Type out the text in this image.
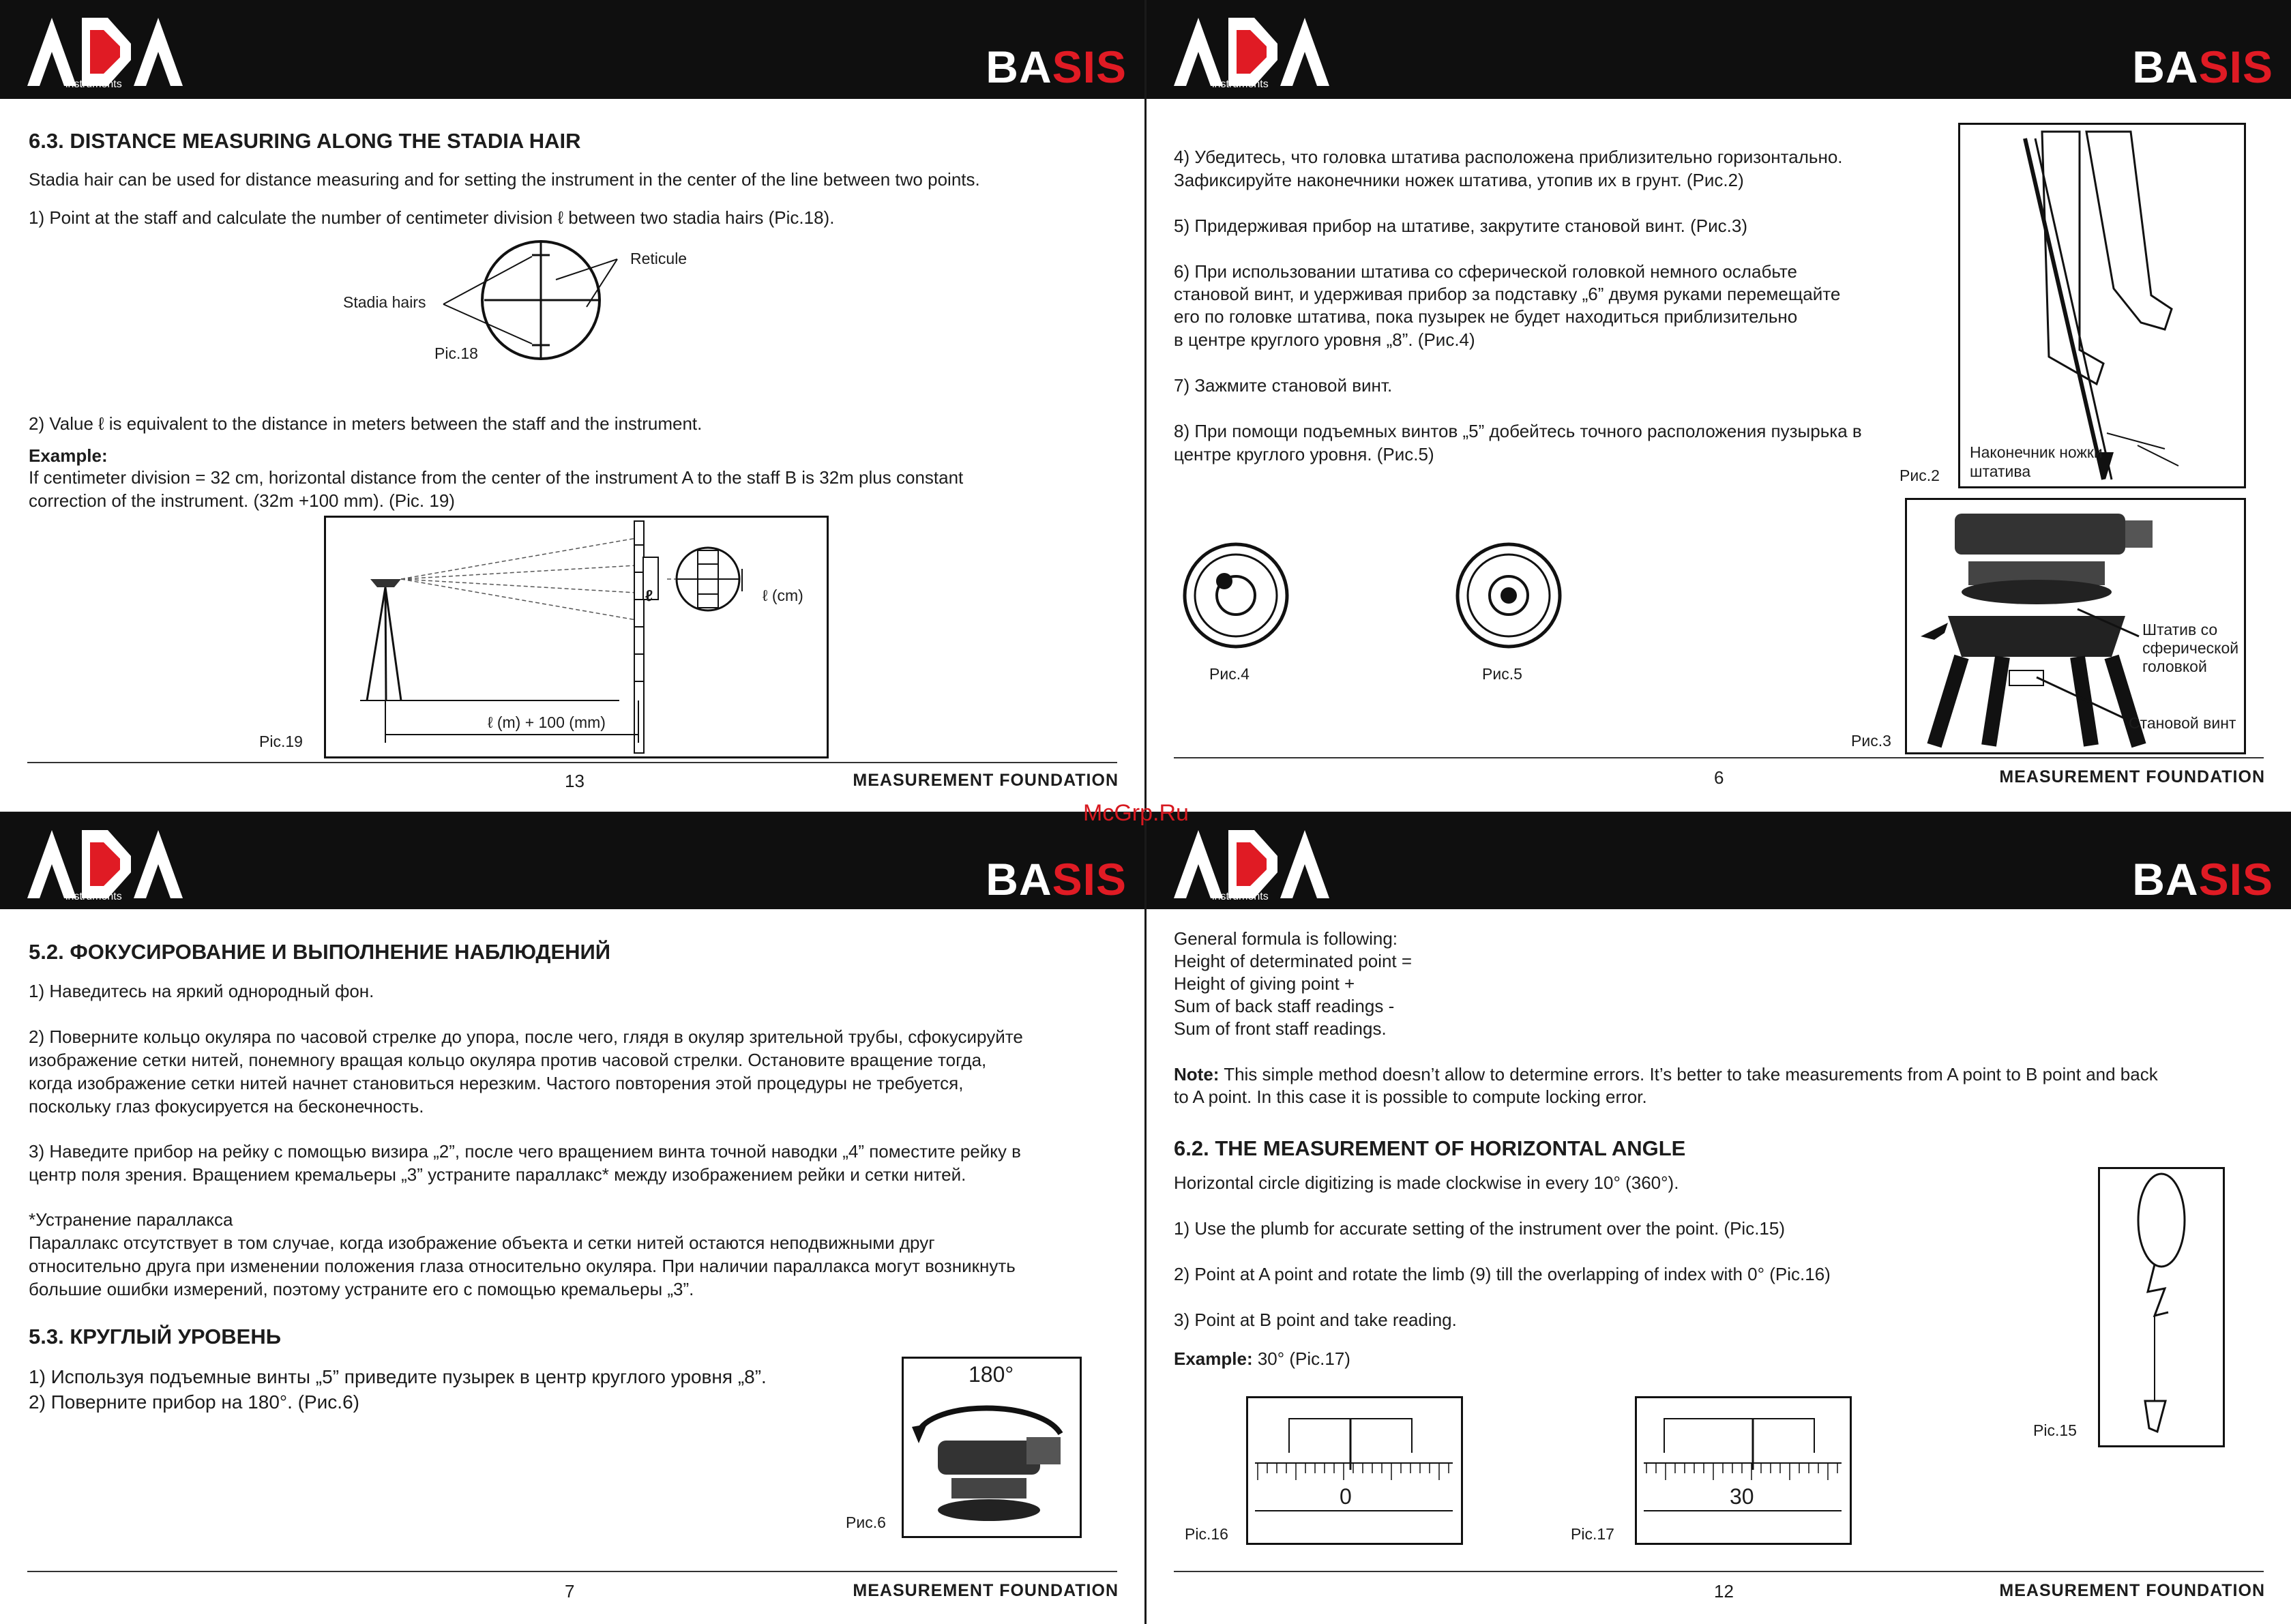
instruments	BASIS
6.3. DISTANCE MEASURING ALONG THE STADIA HAIR
Stadia hair can be used for distance measuring and for setting the instrument in the center of the line between two points.
1) Point at the staff and calculate the number of centimeter division ℓ between two stadia hairs (Pic.18).
Reticule
Stadia hairs
Pic.18
2) Value ℓ is equivalent to the distance in meters between the staff and the instrument.
Example:
If centimeter division = 32 cm, horizontal distance from the center of the instrument A to the staff B is 32m plus constant
correction of the instrument. (32m +100 mm). (Pic. 19)
ℓ	ℓ (cm)
ℓ (m) + 100 (mm)
Pic.19
13	MEASUREMENT FOUNDATION
instruments	BASIS
4) Убедитесь, что головка штатива расположена приблизительно горизонтально.
Зафиксируйте наконечники ножек штатива, утопив их в грунт. (Рис.2)
5) Придерживая прибор на штативе, закрутите становой винт. (Рис.3)
6) При использовании штатива со сферической головкой немного ослабьте
становой винт, и удерживая прибор за подставку „6” двумя руками перемещайте
его по головке штатива, пока пузырек не будет находиться приблизительно
в центре круглого уровня „8”. (Рис.4)
7) Зажмите становой винт.
8) При помощи подъемных винтов „5” добейтесь точного расположения пузырька в
центре круглого уровня. (Рис.5)	Наконечник ножки
штатива
Рис.2
Штатив со
сферической
головкой
Становой винт
Рис.3
Рис.4	Рис.5
6	MEASUREMENT FOUNDATION
instruments	BASIS
5.2. ФОКУСИРОВАНИЕ И ВЫПОЛНЕНИЕ НАБЛЮДЕНИЙ
1) Наведитесь на яркий однородный фон.
2) Поверните кольцо окуляра по часовой стрелке до упора, после чего, глядя в окуляр зрительной трубы, сфокусируйте
изображение сетки нитей, понемногу вращая кольцо окуляра против часовой стрелки. Остановите вращение тогда,
когда изображение сетки нитей начнет становиться нерезким. Частого повторения этой процедуры не требуется,
поскольку глаз фокусируется на бесконечность.
3) Наведите прибор на рейку с помощью визира „2”, после чего вращением винта точной наводки „4” поместите рейку в
центр поля зрения. Вращением кремальеры „3” устраните параллакс* между изображением рейки и сетки нитей.
*Устранение параллакса
Параллакс отсутствует в том случае, когда изображение объекта и сетки нитей остаются неподвижными друг
относительно друга при изменении положения глаза относительно окуляра. При наличии параллакса могут возникнуть
большие ошибки измерений, поэтому устраните его с помощью кремальеры „3”.
5.3. КРУГЛЫЙ УРОВЕНЬ
1) Используя подъемные винты „5” приведите пузырек в центр круглого уровня „8”.
2) Поверните прибор на 180°. (Рис.6)
180°
Рис.6
7	MEASUREMENT FOUNDATION
instruments	BASIS
General formula is following:
Height of determinated point =
Height of giving point +
Sum of back staff readings -
Sum of front staff readings.
Note: This simple method doesn’t allow to determine errors. It’s better to take measurements from A point to B point and back
to A point. In this case it is possible to compute locking error.
6.2. THE MEASUREMENT OF HORIZONTAL ANGLE
Horizontal circle digitizing is made clockwise in every 10° (360°).
1) Use the plumb for accurate setting of the instrument over the point. (Pic.15)
2) Point at A point and rotate the limb (9) till the overlapping of index with 0° (Pic.16)
3) Point at B point and take reading.
Example: 30° (Pic.17)
Pic.15
0
Pic.16
30
Pic.17
12	MEASUREMENT FOUNDATION
McGrp.Ru
